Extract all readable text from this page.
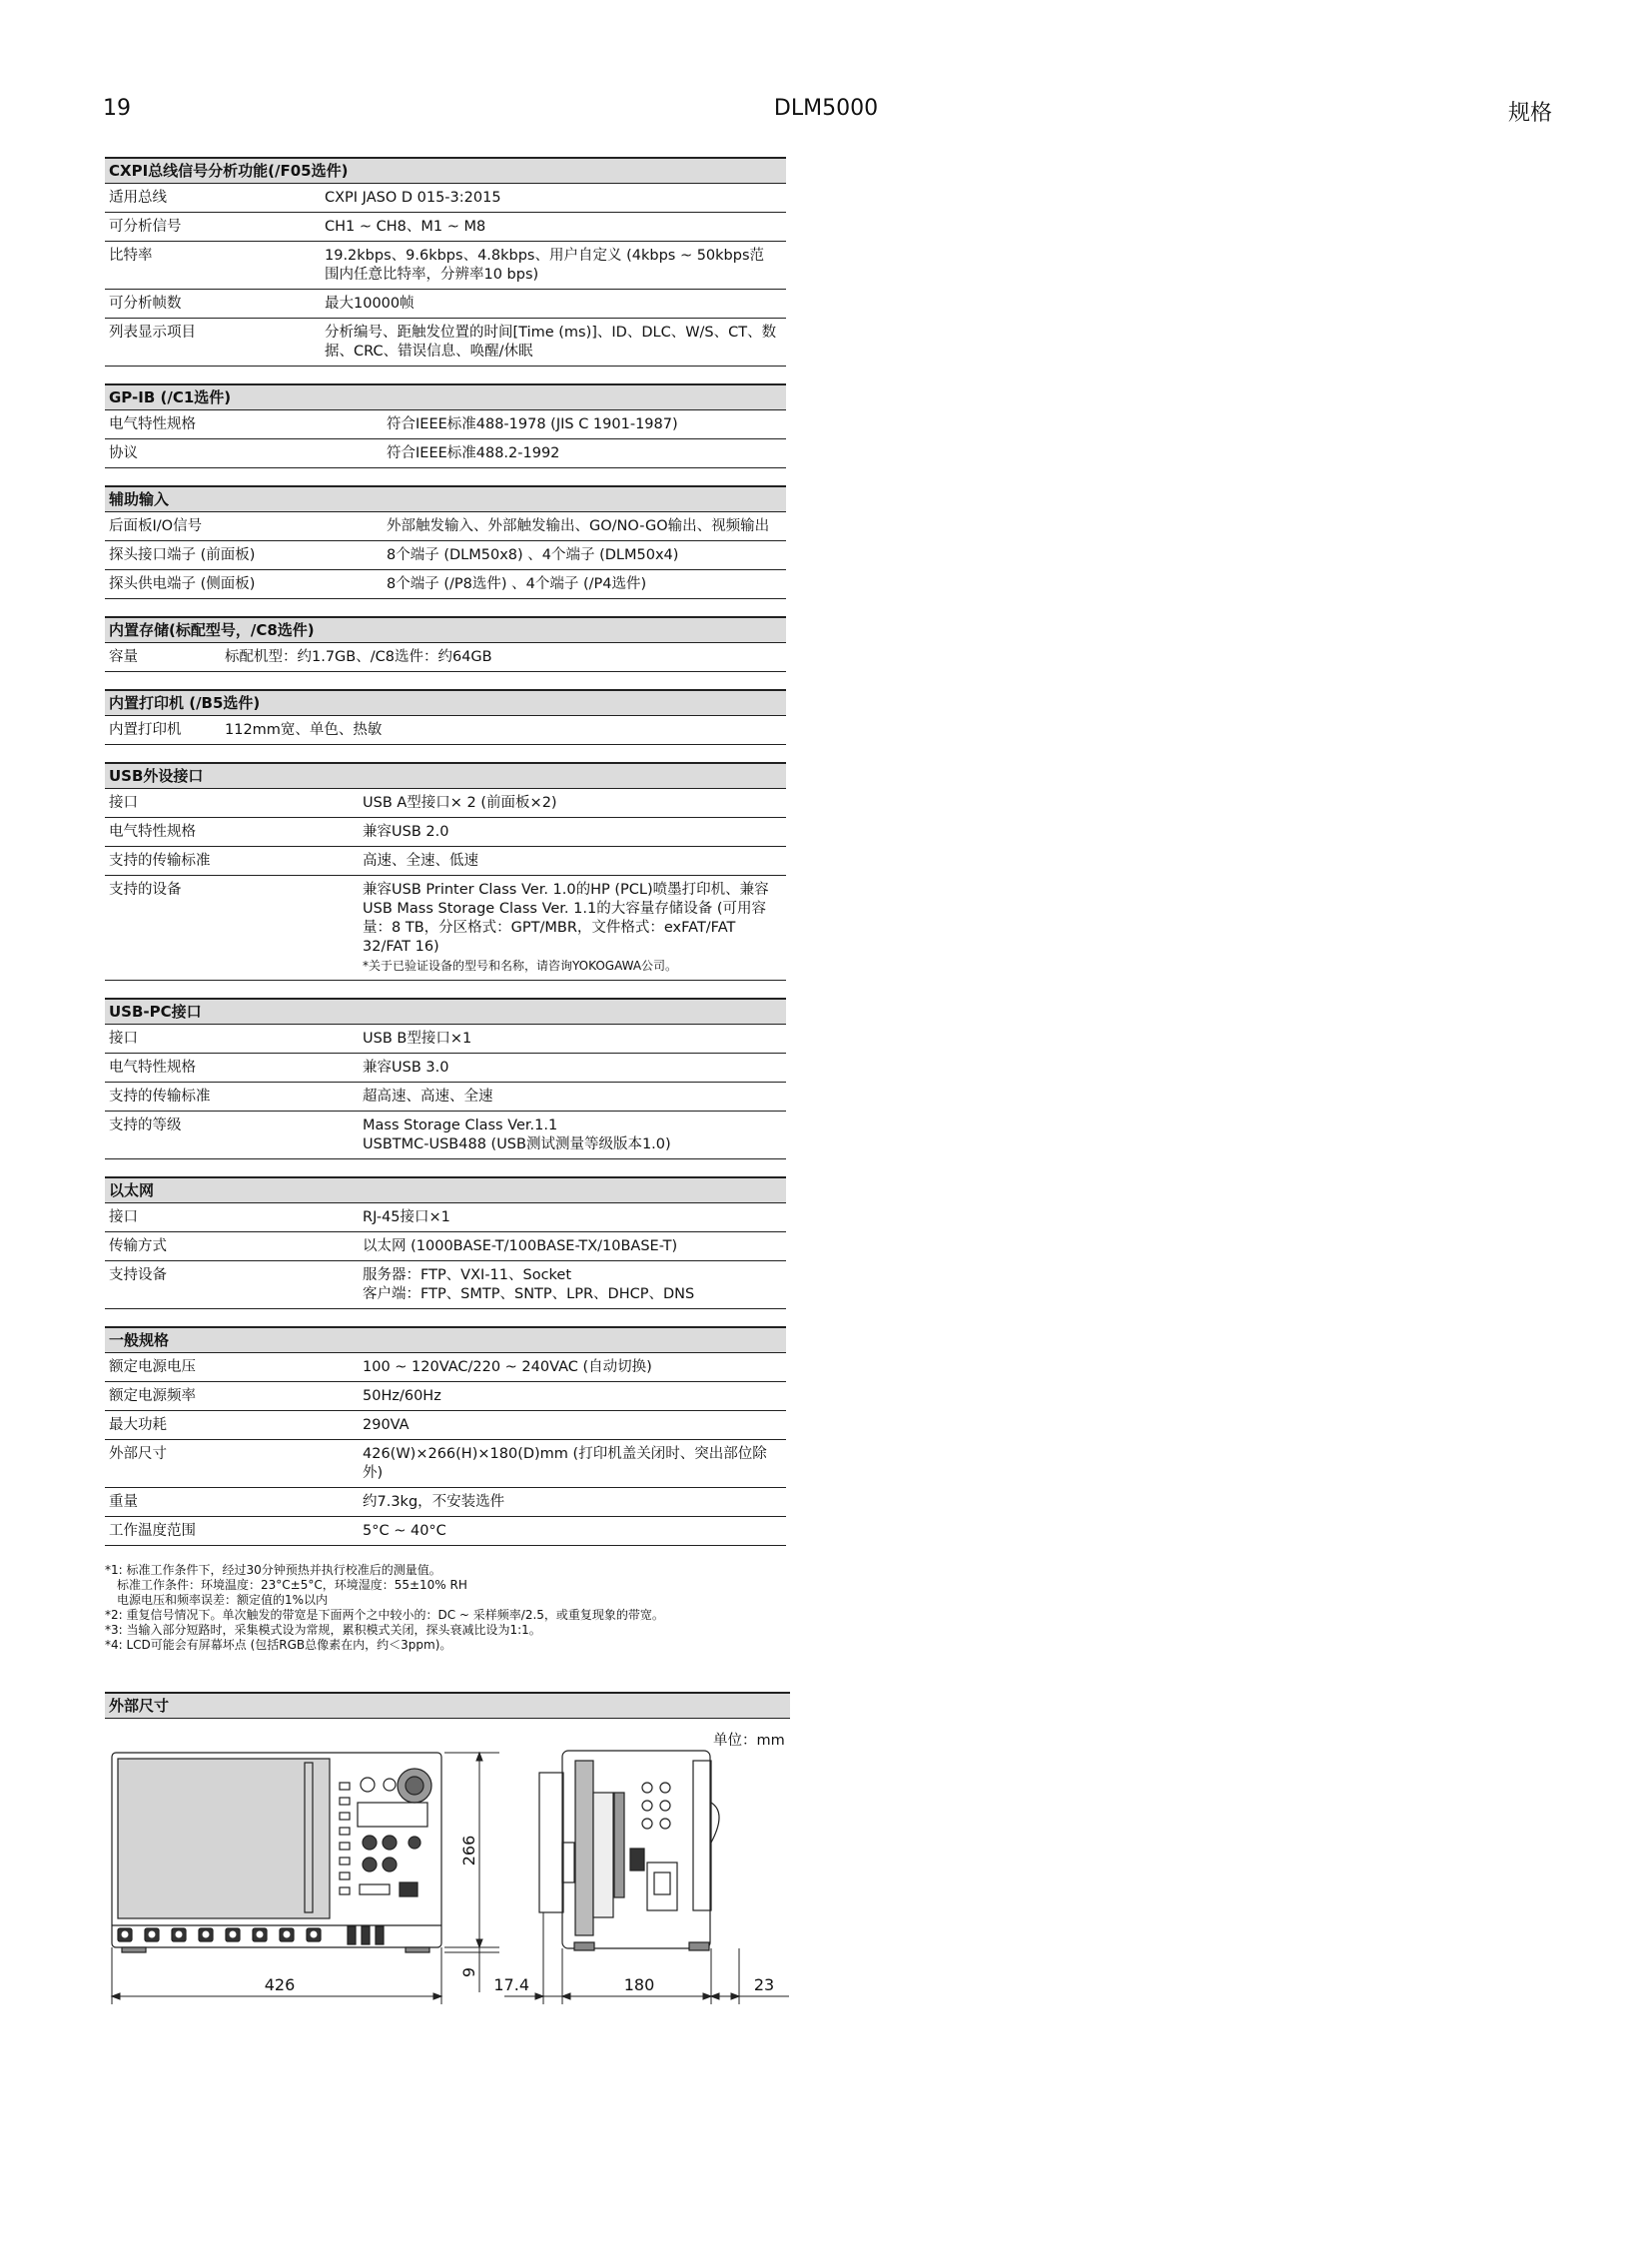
19	DLM5000	规格
CXPI总线信号分析功能(/F05选件)
适用总线	CXPI JASO D 015-3:2015
可分析信号	CH1 ~ CH8、M1 ~ M8
比特率	19.2kbps、9.6kbps、4.8kbps、用户自定义 (4kbps ~ 50kbps范围内任意比特率，分辨率10 bps)
可分析帧数	最大10000帧
列表显示项目	分析编号、距触发位置的时间[Time (ms)]、ID、DLC、W/S、CT、数据、CRC、错误信息、唤醒/休眠
GP-IB (/C1选件)
电气特性规格	符合IEEE标准488-1978 (JIS C 1901-1987)
协议	符合IEEE标准488.2-1992
辅助输入
后面板I/O信号	外部触发输入、外部触发输出、GO/NO-GO输出、视频输出
探头接口端子 (前面板)	8个端子 (DLM50x8) 、4个端子 (DLM50x4)
探头供电端子 (侧面板)	8个端子 (/P8选件) 、4个端子 (/P4选件)
内置存储(标配型号，/C8选件)
容量	标配机型：约1.7GB、/C8选件：约64GB
内置打印机 (/B5选件)
内置打印机	112mm宽、单色、热敏
USB外设接口
接口	USB A型接口× 2 (前面板×2)
电气特性规格	兼容USB 2.0
支持的传输标准	高速、全速、低速
支持的设备	兼容USB Printer Class Ver. 1.0的HP (PCL)喷墨打印机、兼容USB Mass Storage Class Ver. 1.1的大容量存储设备 (可用容量：8 TB，分区格式：GPT/MBR，文件格式：exFAT/FAT 32/FAT 16)
*关于已验证设备的型号和名称，请咨询YOKOGAWA公司。
USB-PC接口
接口	USB B型接口×1
电气特性规格	兼容USB 3.0
支持的传输标准	超高速、高速、全速
支持的等级	Mass Storage Class Ver.1.1
USBTMC-USB488 (USB测试测量等级版本1.0)
以太网
接口	RJ-45接口×1
传输方式	以太网 (1000BASE-T/100BASE-TX/10BASE-T)
支持设备	服务器：FTP、VXI-11、Socket
客户端：FTP、SMTP、SNTP、LPR、DHCP、DNS
一般规格
额定电源电压	100 ~ 120VAC/220 ~ 240VAC (自动切换)
额定电源频率	50Hz/60Hz
最大功耗	290VA
外部尺寸	426(W)×266(H)×180(D)mm (打印机盖关闭时、突出部位除外)
重量	约7.3kg，不安装选件
工作温度范围	5°C ~ 40°C
*1: 标准工作条件下，经过30分钟预热并执行校准后的测量值。
　标准工作条件：环境温度：23°C±5°C，环境湿度：55±10% RH
　电源电压和频率误差：额定值的1%以内
*2: 重复信号情况下。单次触发的带宽是下面两个之中较小的：DC ~ 采样频率/2.5，或重复现象的带宽。
*3: 当输入部分短路时，采集模式设为常规，累积模式关闭，探头衰减比设为1:1。
*4: LCD可能会有屏幕坏点 (包括RGB总像素在内，约＜3ppm)。
外部尺寸
单位：mm
426
266
9
17.4	180	23
